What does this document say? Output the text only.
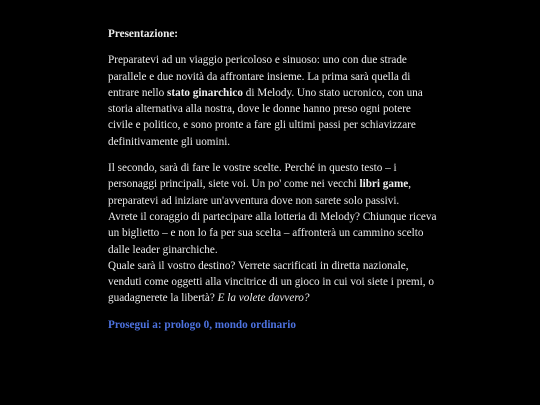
Presentazione:

Preparatevi ad un viaggio pericoloso e sinuoso: uno con due strade parallele e due novità da affrontare insieme. La prima sarà quella di entrare nello stato ginarchico di Melody. Uno stato ucronico, con una storia alternativa alla nostra, dove le donne hanno preso ogni potere civile e politico, e sono pronte a fare gli ultimi passi per schiavizzare definitivamente gli uomini.

Il secondo, sarà di fare le vostre scelte. Perché in questo testo – i personaggi principali, siete voi. Un po' come nei vecchi libri game, preparatevi ad iniziare un'avventura dove non sarete solo passivi.
Avrete il coraggio di partecipare alla lotteria di Melody? Chiunque riceva un biglietto – e non lo fa per sua scelta – affronterà un cammino scelto dalle leader ginarchiche.
Quale sarà il vostro destino? Verrete sacrificati in diretta nazionale, venduti come oggetti alla vincitrice di un gioco in cui voi siete i premi, o guadagnerete la libertà? E la volete davvero?

Prosegui a: prologo 0, mondo ordinario
